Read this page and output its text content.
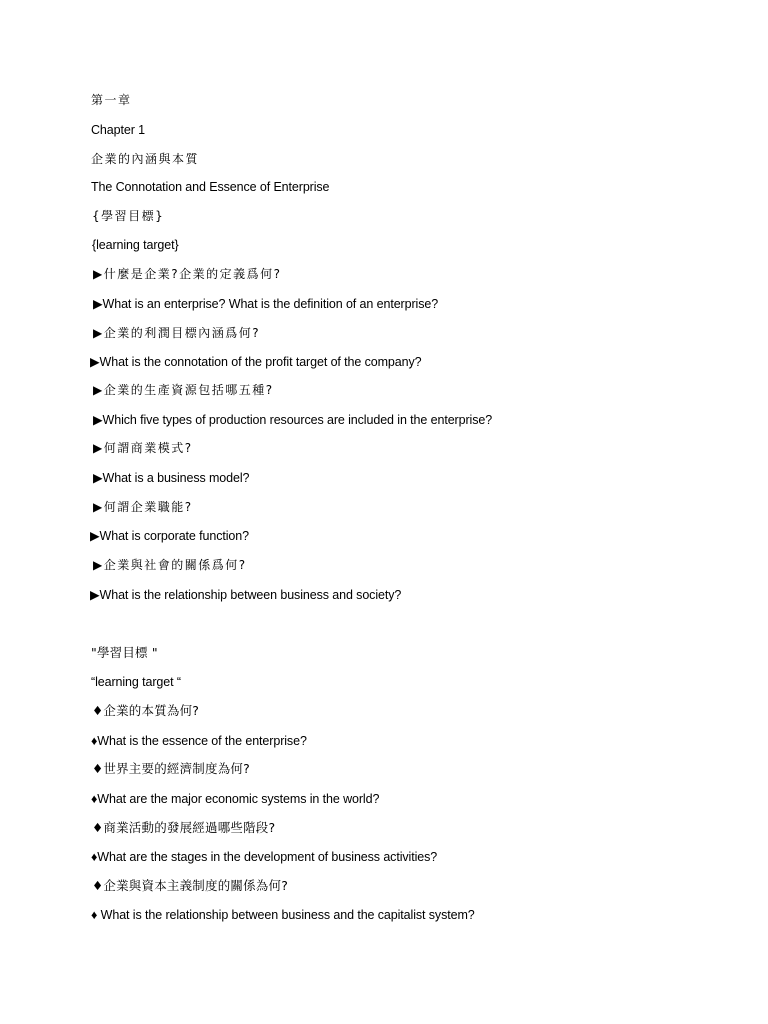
第一章
Chapter 1
企業的內涵與本質
The Connotation and Essence of Enterprise
{學習目標}
{learning target}
▶什麼是企業?企業的定義爲何?
▶What is an enterprise? What is the definition of an enterprise?
▶企業的利潤目標內涵爲何?
▶What is the connotation of the profit target of the company?
▶企業的生產資源包括哪五種?
▶Which five types of production resources are included in the enterprise?
▶何謂商業模式?
▶What is a business model?
▶何謂企業職能?
▶What is corporate function?
▶企業與社會的關係爲何?
▶What is the relationship between business and society?
"學習目標 "
“learning target “
♦企業的本質為何?
♦What is the essence of the enterprise?
♦世界主要的經濟制度為何?
♦What are the major economic systems in the world?
♦商業活動的發展經過哪些階段?
♦What are the stages in the development of business activities?
♦企業與資本主義制度的關係為何?
♦ What is the relationship between business and the capitalist system?
